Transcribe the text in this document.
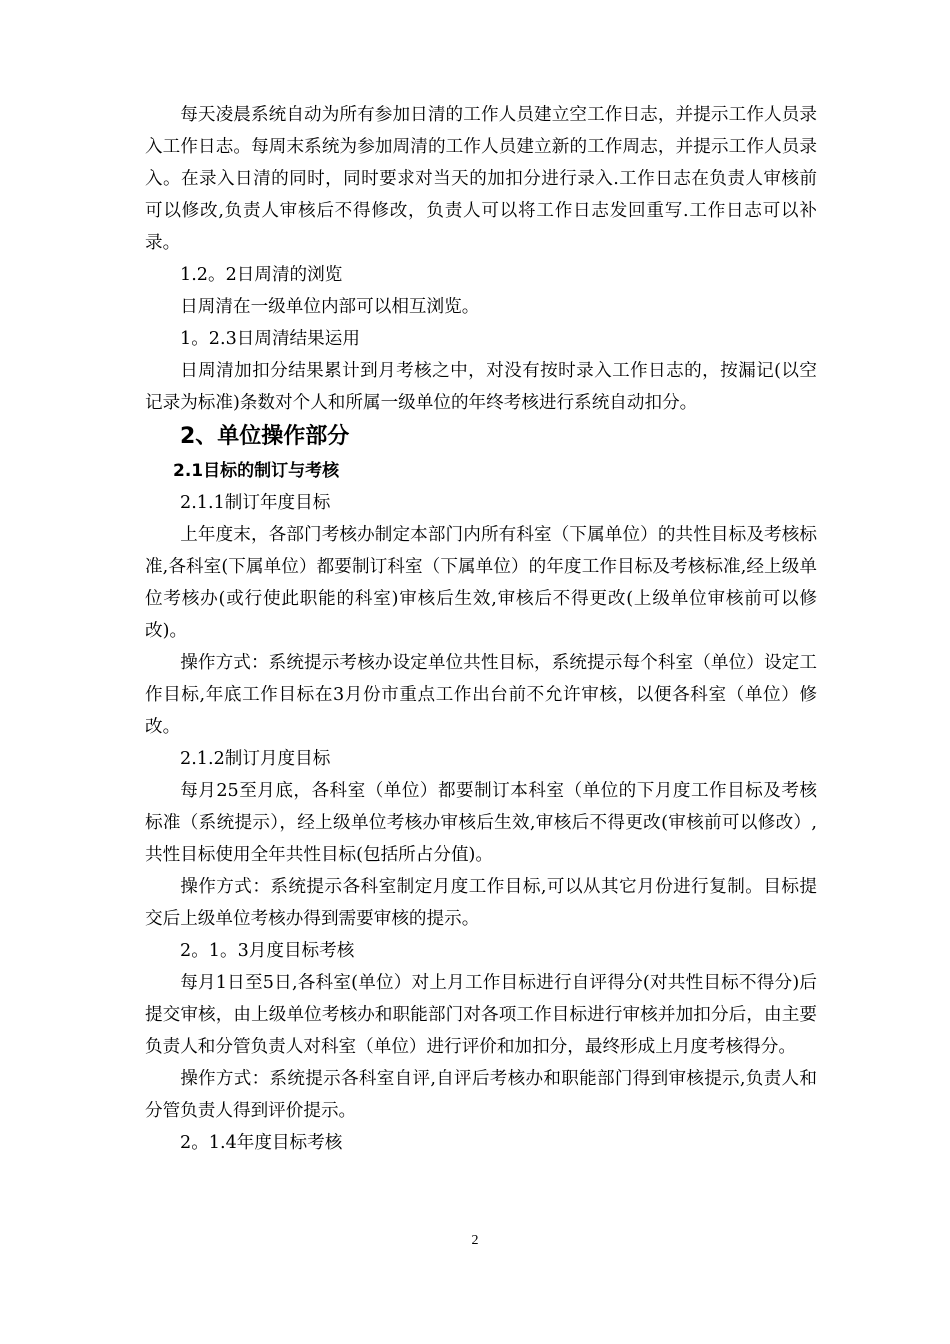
每天凌晨系统自动为所有参加日清的工作人员建立空工作日志，并提示工作人员录入工作日志。每周末系统为参加周清的工作人员建立新的工作周志，并提示工作人员录入。在录入日清的同时，同时要求对当天的加扣分进行录入.工作日志在负责人审核前可以修改,负责人审核后不得修改，负责人可以将工作日志发回重写.工作日志可以补录。

1.2。2日周清的浏览

日周清在一级单位内部可以相互浏览。

1。2.3日周清结果运用

日周清加扣分结果累计到月考核之中，对没有按时录入工作日志的，按漏记(以空记录为标准)条数对个人和所属一级单位的年终考核进行系统自动扣分。

2、单位操作部分
2.1目标的制订与考核

2.1.1制订年度目标

上年度末，各部门考核办制定本部门内所有科室（下属单位）的共性目标及考核标准,各科室(下属单位）都要制订科室（下属单位）的年度工作目标及考核标准,经上级单位考核办(或行使此职能的科室)审核后生效,审核后不得更改(上级单位审核前可以修改)。

操作方式：系统提示考核办设定单位共性目标，系统提示每个科室（单位）设定工作目标,年底工作目标在3月份市重点工作出台前不允许审核，以便各科室（单位）修改。

2.1.2制订月度目标

每月25至月底，各科室（单位）都要制订本科室（单位的下月度工作目标及考核标准（系统提示），经上级单位考核办审核后生效,审核后不得更改(审核前可以修改）,共性目标使用全年共性目标(包括所占分值)。

操作方式：系统提示各科室制定月度工作目标,可以从其它月份进行复制。目标提交后上级单位考核办得到需要审核的提示。

2。1。3月度目标考核

每月1日至5日,各科室(单位）对上月工作目标进行自评得分(对共性目标不得分)后提交审核，由上级单位考核办和职能部门对各项工作目标进行审核并加扣分后，由主要负责人和分管负责人对科室（单位）进行评价和加扣分，最终形成上月度考核得分。

操作方式：系统提示各科室自评,自评后考核办和职能部门得到审核提示,负责人和分管负责人得到评价提示。

2。1.4年度目标考核

2
